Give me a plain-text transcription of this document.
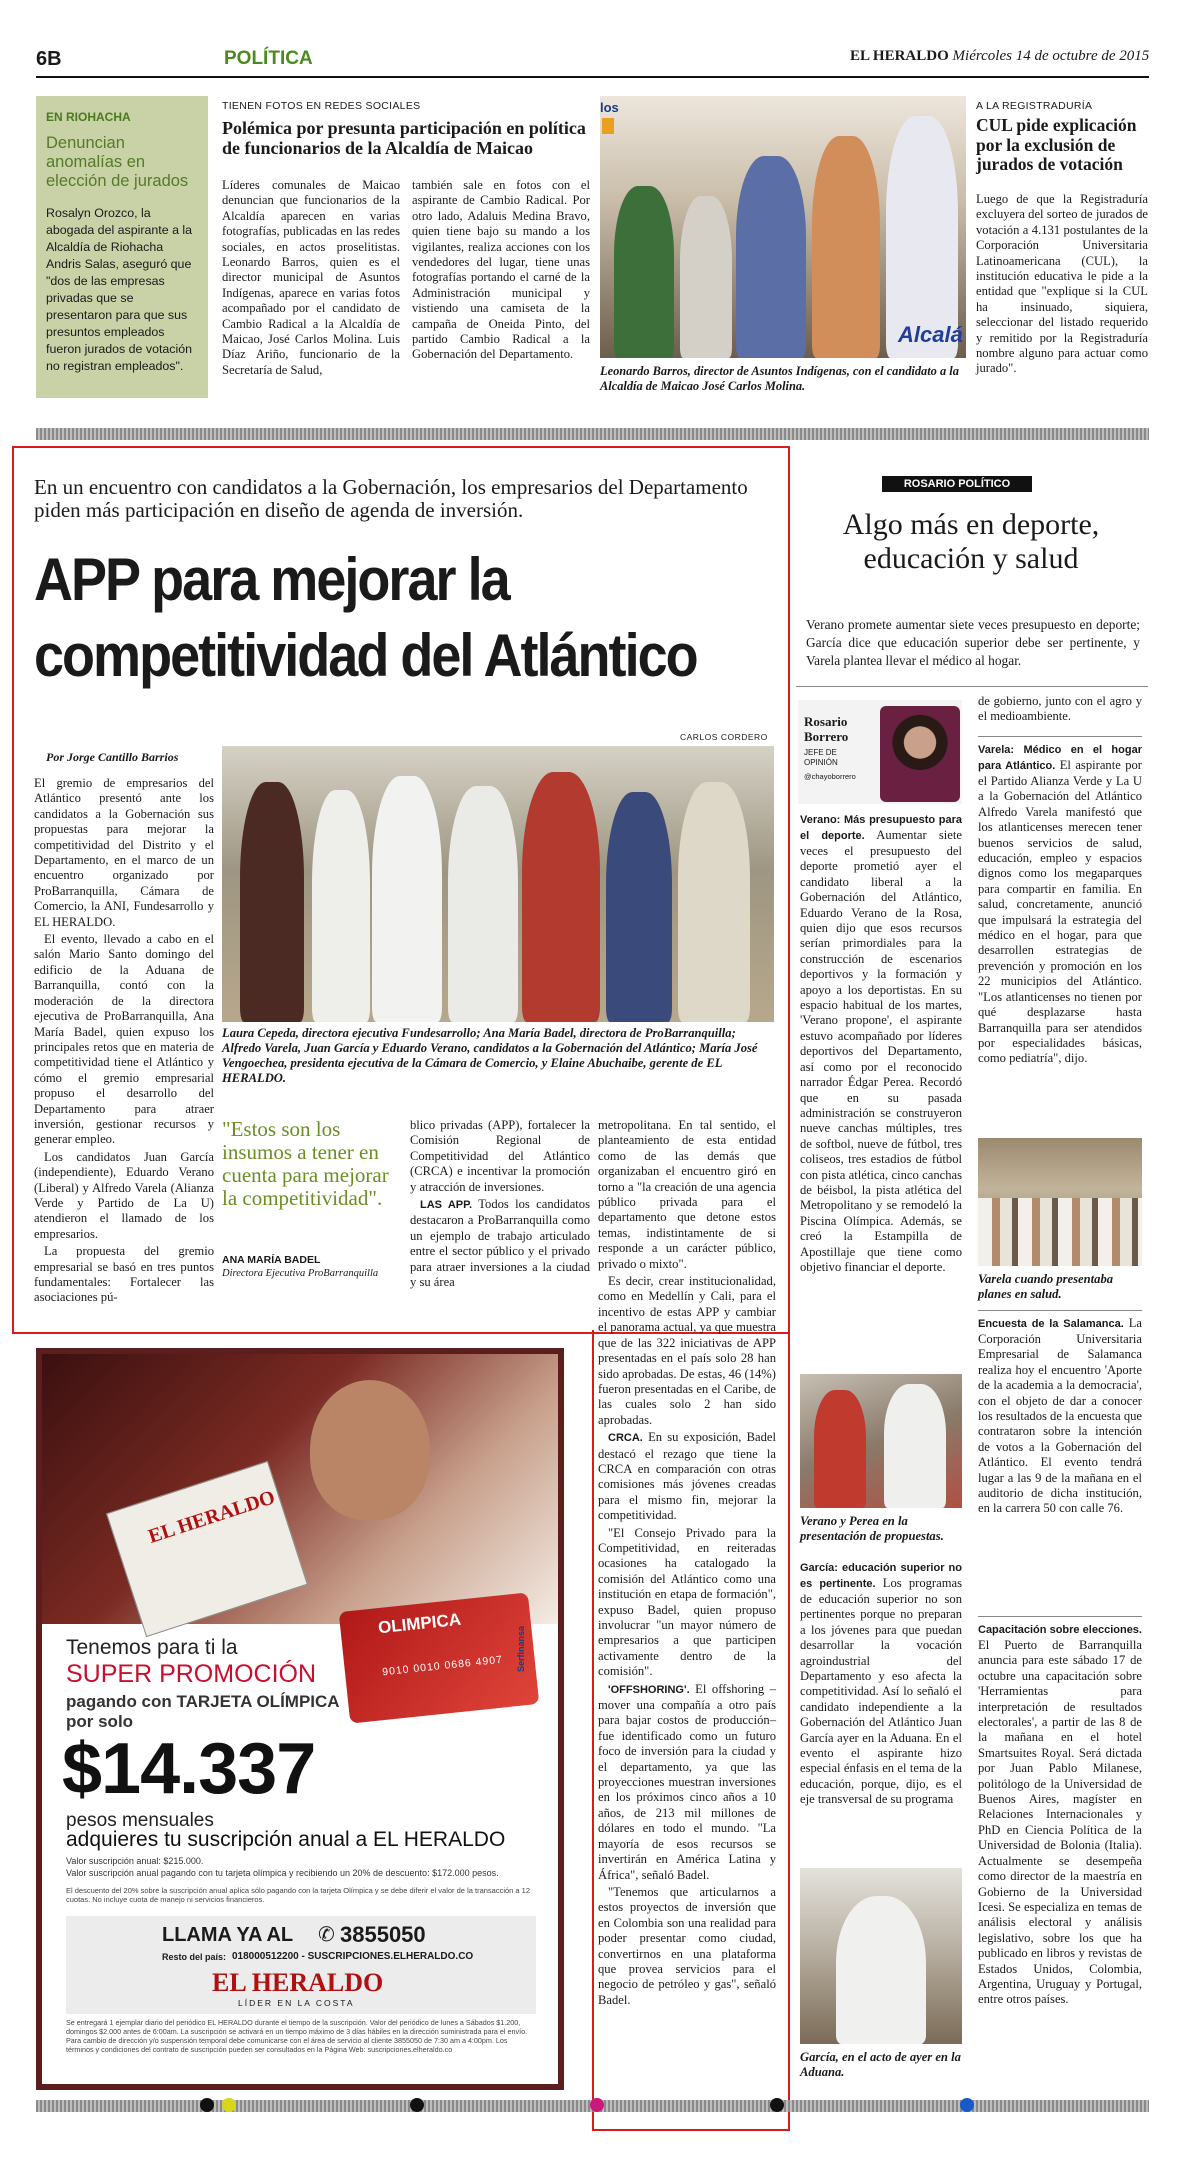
6B	POLÍTICA	EL HERALDO Miércoles 14 de octubre de 2015
EN RIOHACHA
Denuncian anomalías en elección de jurados
Rosalyn Orozco, la abogada del aspirante a la Alcaldía de Riohacha Andris Salas, aseguró que "dos de las empresas privadas que se presentaron para que sus presuntos empleados fueron jurados de votación no registran empleados".
TIENEN FOTOS EN REDES SOCIALES
Polémica por presunta participación en política de funcionarios de la Alcaldía de Maicao
Líderes comunales de Maicao denuncian que funcionarios de la Alcaldía aparecen en varias fotografías, publicadas en las redes sociales, en actos proselitistas. Leonardo Barros, quien es el director municipal de Asuntos Indígenas, aparece en varias fotos acompañado por el candidato de Cambio Radical a la Alcaldía de Maicao, José Carlos Molina. Luis Díaz Ariño, funcionario de la Secretaría de Salud,
también sale en fotos con el aspirante de Cambio Radical. Por otro lado, Adaluis Medina Bravo, quien tiene bajo su mando a los vigilantes, realiza acciones con los vendedores del lugar, tiene unas fotografías portando el carné de la Administración municipal y vistiendo una camiseta de la campaña de Oneida Pinto, del partido Cambio Radical a la Gobernación del Departamento.
los
Alcalá
Leonardo Barros, director de Asuntos Indígenas, con el candidato a la Alcaldía de Maicao José Carlos Molina.
A LA REGISTRADURÍA
CUL pide explicación por la exclusión de jurados de votación
Luego de que la Registraduría excluyera del sorteo de jurados de votación a 4.131 postulantes de la Corporación Universitaria Latinoamericana (CUL), la institución educativa le pide a la entidad que "explique si la CUL ha insinuado, siquiera, seleccionar del listado requerido y remitido por la Registraduría nombre alguno para actuar como jurado".
En un encuentro con candidatos a la Gobernación, los empresarios del Departamento piden más participación en diseño de agenda de inversión.
APP para mejorar la
competitividad del Atlántico
CARLOS CORDERO
Por Jorge Cantillo Barrios

El gremio de empresarios del Atlántico presentó ante los candidatos a la Gobernación sus propuestas para mejorar la competitividad del Distrito y el Departamento, en el marco de un encuentro organizado por ProBarranquilla, Cámara de Comercio, la ANI, Fundesarrollo y EL HERALDO.

El evento, llevado a cabo en el salón Mario Santo domingo del edificio de la Aduana de Barranquilla, contó con la moderación de la directora ejecutiva de ProBarranquilla, Ana María Badel, quien expuso los principales retos que en materia de competitividad tiene el Atlántico y cómo el gremio empresarial propuso el desarrollo del Departamento para atraer inversión, gestionar recursos y generar empleo.

Los candidatos Juan García (independiente), Eduardo Verano (Liberal) y Alfredo Varela (Alianza Verde y Partido de La U) atendieron el llamado de los empresarios.

La propuesta del gremio empresarial se basó en tres puntos fundamentales: Fortalecer las asociaciones pú-

Laura Cepeda, directora ejecutiva Fundesarrollo; Ana María Badel, directora de ProBarranquilla; Alfredo Varela, Juan García y Eduardo Verano, candidatos a la Gobernación del Atlántico; María José Vengoechea, presidenta ejecutiva de la Cámara de Comercio, y Elaine Abuchaibe, gerente de EL HERALDO.
"Estos son los insumos a tener en cuenta para mejorar la competitividad".
ANA MARÍA BADEL
Directora Ejecutiva ProBarranquilla

blico privadas (APP), fortalecer la Comisión Regional de Competitividad del Atlántico (CRCA) e incentivar la promoción y atracción de inversiones.

LAS APP. Todos los candidatos destacaron a ProBarranquilla como un ejemplo de trabajo articulado entre el sector público y el privado para atraer inversiones a la ciudad y su área

metropolitana. En tal sentido, el planteamiento de esta entidad como de las demás que organizaban el encuentro giró en torno a "la creación de una agencia público privada para el departamento que detone estos temas, indistintamente de si responde a un carácter público, privado o mixto".

Es decir, crear institucionalidad, como en Medellín y Cali, para el incentivo de estas APP y cambiar el panorama actual, ya que muestra que de las 322 iniciativas de APP presentadas en el país solo 28 han sido aprobadas. De estas, 46 (14%) fueron presentadas en el Caribe, de las cuales solo 2 han sido aprobadas.

CRCA. En su exposición, Badel destacó el rezago que tiene la CRCA en comparación con otras comisiones más jóvenes creadas para el mismo fin, mejorar la competitividad.

"El Consejo Privado para la Competitividad, en reiteradas ocasiones ha catalogado la comisión del Atlántico como una institución en etapa de formación", expuso Badel, quien propuso involucrar "un mayor número de empresarios a que participen activamente dentro de la comisión".

'OFFSHORING'. El offshoring –mover una compañía a otro país para bajar costos de producción– fue identificado como un futuro foco de inversión para la ciudad y el departamento, ya que las proyecciones muestran inversiones en los próximos cinco años a 10 años, de 213 mil millones de dólares en todo el mundo. "La mayoría de esos recursos se invertirán en América Latina y África", señaló Badel.

"Tenemos que articularnos a estos proyectos de inversión que en Colombia son una realidad para poder presentar como ciudad, convertirnos en una plataforma que provea servicios para el negocio de petróleo y gas", señaló Badel.

EL HERALDO
OLIMPICA
9010 0010 0686 4907 Serfinansa
Tenemos para ti la
SUPER PROMOCIÓN
pagando con TARJETA OLÍMPICA
por solo
$14.337
pesos mensuales
adquieres tu suscripción anual a EL HERALDO
Valor suscripción anual: $215.000.
Valor suscripción anual pagando con tu tarjeta olímpica y recibiendo un 20% de descuento: $172.000 pesos.
El descuento del 20% sobre la suscripción anual aplica sólo pagando con la tarjeta Olímpica y se debe diferir el valor de la transacción a 12 cuotas. No incluye cuota de manejo ni servicios financieros.
LLAMA YA AL ✆ 3855050
Resto del país: 018000512200 - SUSCRIPCIONES.ELHERALDO.CO
EL HERALDO
LÍDER EN LA COSTA
Se entregará 1 ejemplar diario del periódico EL HERALDO durante el tiempo de la suscripción. Valor del periódico de lunes a Sábados $1.200, domingos $2.000 antes de 6:00am. La suscripción se activará en un tiempo máximo de 3 días hábiles en la dirección suministrada para el envío. Para cambio de dirección y/o suspensión temporal debe comunicarse con el área de servicio al cliente 3855050 de 7:30 am a 4:00pm. Los términos y condiciones del contrato de suscripción pueden ser consultados en la Página Web: suscripciones.elheraldo.co
ROSARIO POLÍTICO
Algo más en deporte, educación y salud
Verano promete aumentar siete veces presupuesto en deporte; García dice que educación superior debe ser pertinente, y Varela plantea llevar el médico al hogar.
Rosario
Borrero
JEFE DE OPINIÓN
@chayoborrero

Verano: Más presupuesto para el deporte. Aumentar siete veces el presupuesto del deporte prometió ayer el candidato liberal a la Gobernación del Atlántico, Eduardo Verano de la Rosa, quien dijo que esos recursos serían primordiales para la construcción de escenarios deportivos y la formación y apoyo a los deportistas. En su espacio habitual de los martes, 'Verano propone', el aspirante estuvo acompañado por líderes deportivos del Departamento, así como por el reconocido narrador Édgar Perea. Recordó que en su pasada administración se construyeron nueve canchas múltiples, tres de softbol, nueve de fútbol, tres coliseos, tres estadios de fútbol con pista atlética, cinco canchas de béisbol, la pista atlética del Metropolitano y se remodeló la Piscina Olímpica. Además, se creó la Estampilla de Apostillaje que tiene como objetivo financiar el deporte.

Verano y Perea en la presentación de propuestas.

García: educación superior no es pertinente. Los programas de educación superior no son pertinentes porque no preparan a los jóvenes para que puedan desarrollar la vocación agroindustrial del Departamento y eso afecta la competitividad. Así lo señaló el candidato independiente a la Gobernación del Atlántico Juan García ayer en la Aduana. En el evento el aspirante hizo especial énfasis en el tema de la educación, porque, dijo, es el eje transversal de su programa

García, en el acto de ayer en la Aduana.
de gobierno, junto con el agro y el medioambiente.

Varela: Médico en el hogar para Atlántico. El aspirante por el Partido Alianza Verde y La U a la Gobernación del Atlántico Alfredo Varela manifestó que los atlanticenses merecen tener buenos servicios de salud, educación, empleo y espacios dignos como los megaparques para compartir en familia. En salud, concretamente, anunció que impulsará la estrategia del médico en el hogar, para que desarrollen estrategias de prevención y promoción en los 22 municipios del Atlántico. "Los atlanticenses no tienen por qué desplazarse hasta Barranquilla para ser atendidos por especialidades básicas, como pediatría", dijo.

Varela cuando presentaba planes en salud.

Encuesta de la Salamanca. La Corporación Universitaria Empresarial de Salamanca realiza hoy el encuentro 'Aporte de la academia a la democracia', con el objeto de dar a conocer los resultados de la encuesta que contrataron sobre la intención de votos a la Gobernación del Atlántico. El evento tendrá lugar a las 9 de la mañana en el auditorio de dicha institución, en la carrera 50 con calle 76.

Capacitación sobre elecciones. El Puerto de Barranquilla anuncia para este sábado 17 de octubre una capacitación sobre 'Herramientas para interpretación de resultados electorales', a partir de las 8 de la mañana en el hotel Smartsuites Royal. Será dictada por Juan Pablo Milanese, politólogo de la Universidad de Buenos Aires, magíster en Relaciones Internacionales y PhD en Ciencia Política de la Universidad de Bolonia (Italia). Actualmente se desempeña como director de la maestría en Gobierno de la Universidad Icesi. Se especializa en temas de análisis electoral y análisis legislativo, sobre los que ha publicado en libros y revistas de Estados Unidos, Colombia, Argentina, Uruguay y Portugal, entre otros países.
